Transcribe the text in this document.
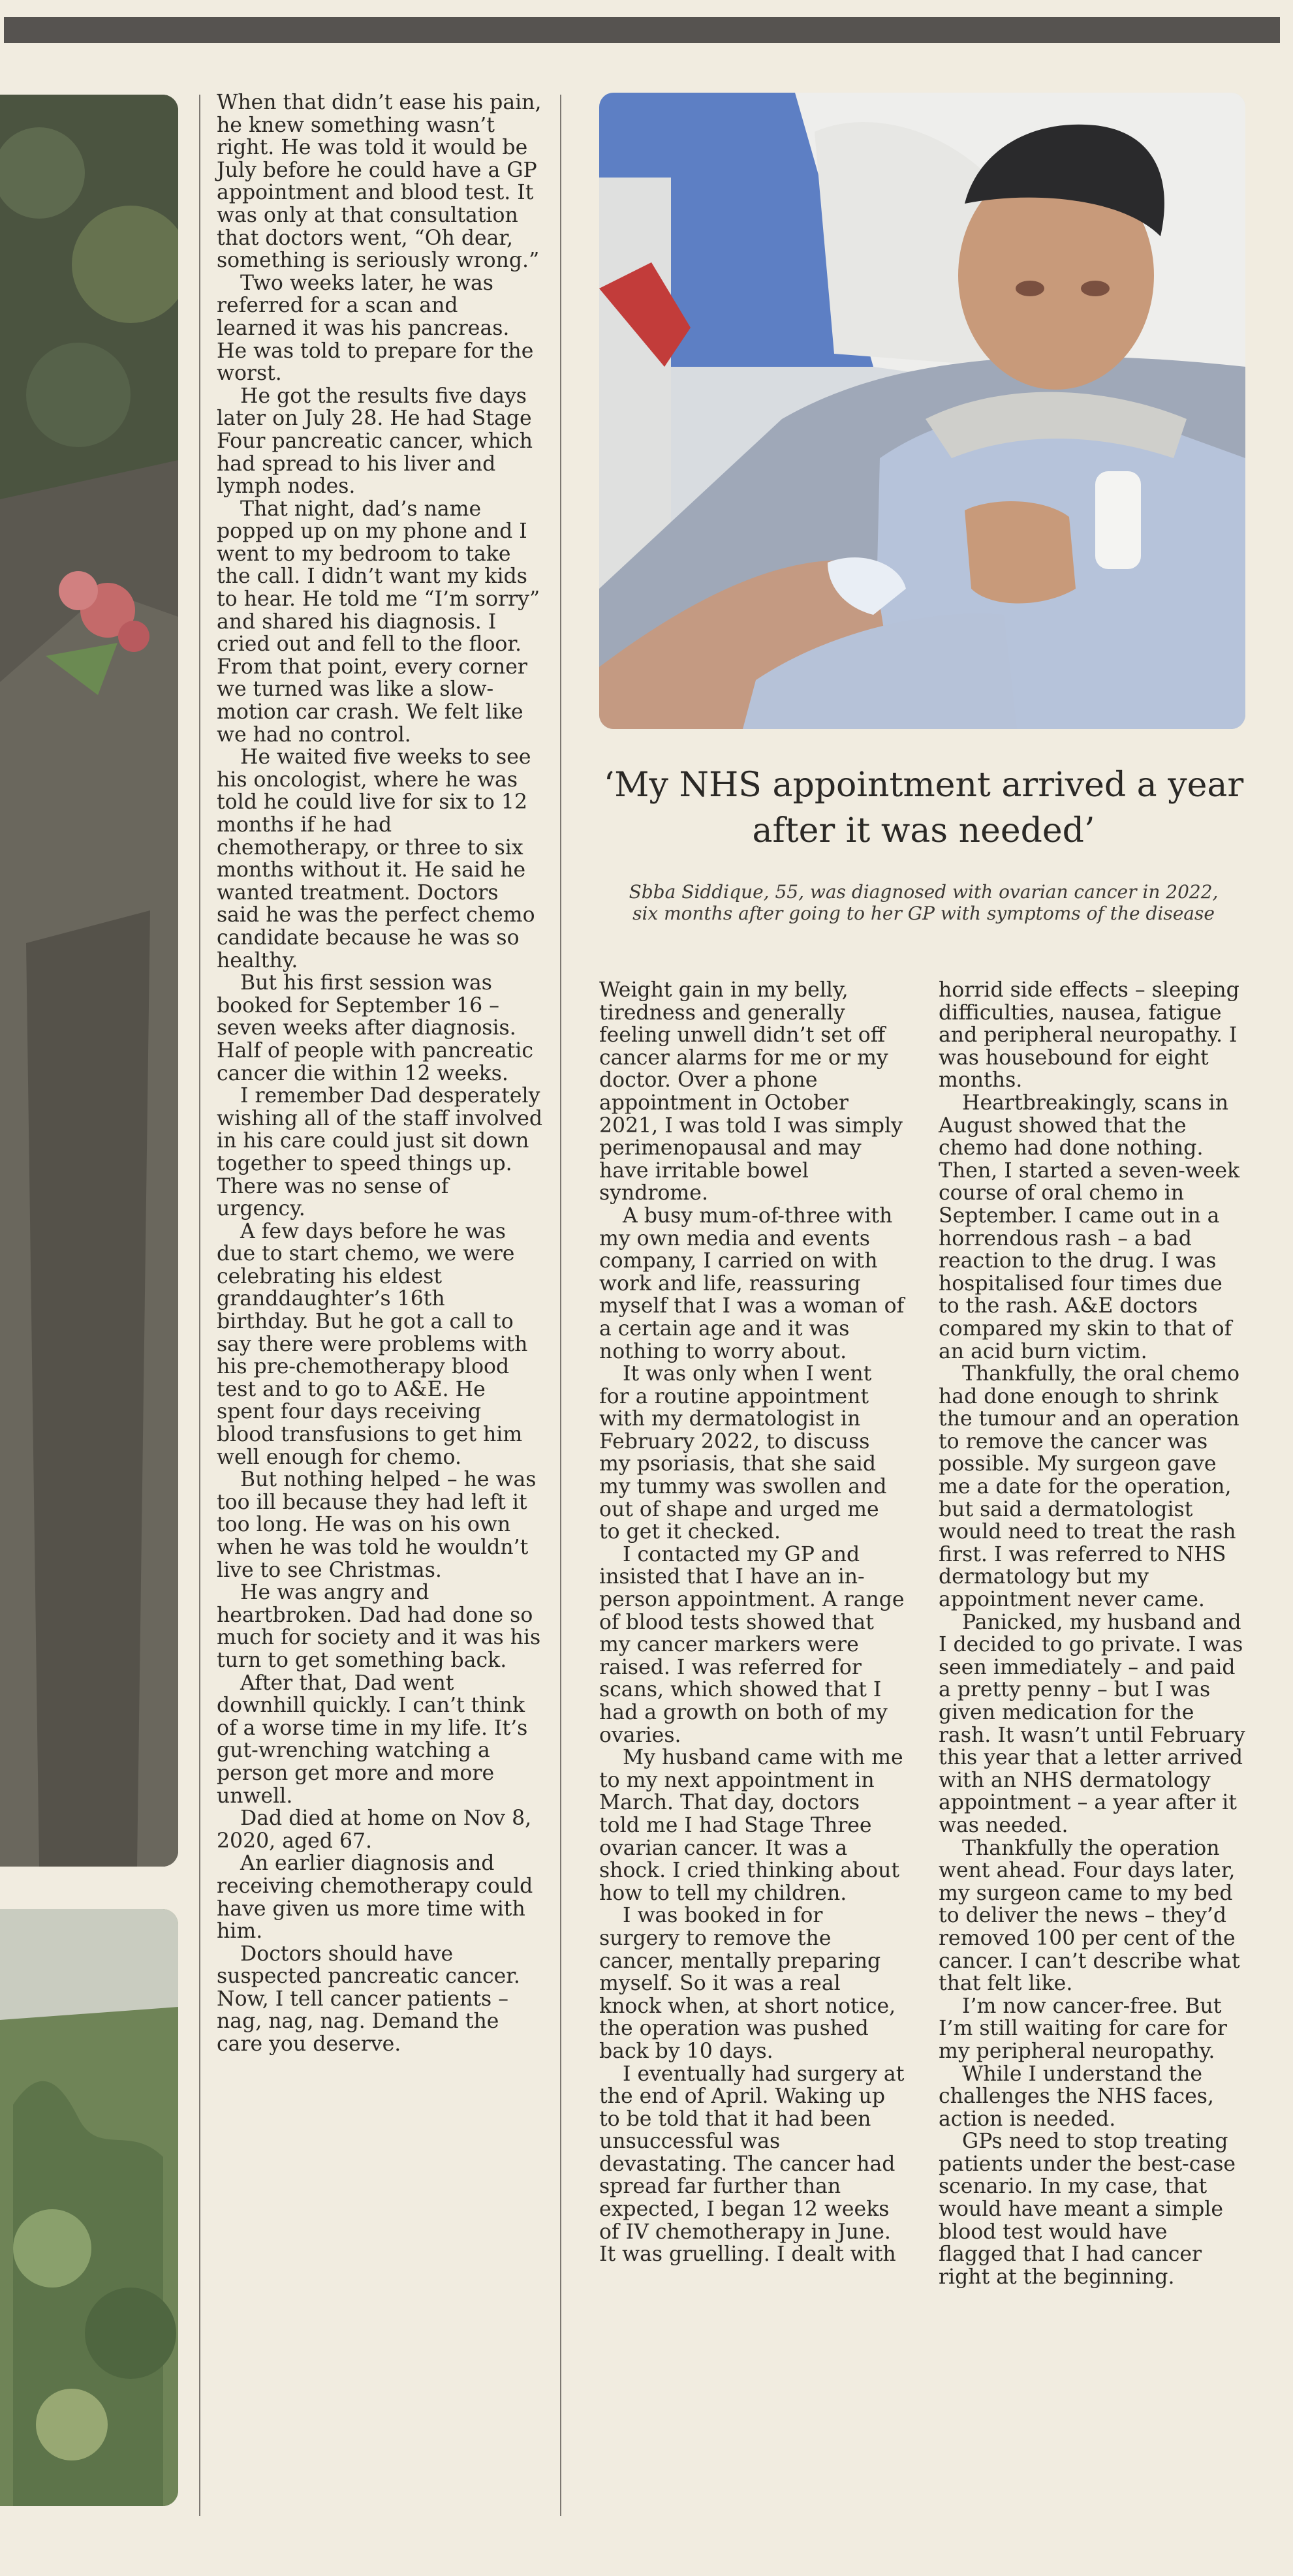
When that didn’t ease his pain, he knew something wasn’t right. He was told it would be July before he could have a GP appointment and blood test. It was only at that consultation that doctors went, “Oh dear, something is seriously wrong.”

Two weeks later, he was referred for a scan and learned it was his pancreas. He was told to prepare for the worst.

He got the results five days later on July 28. He had Stage Four pancreatic cancer, which had spread to his liver and lymph nodes.

That night, dad’s name popped up on my phone and I went to my bedroom to take the call. I didn’t want my kids to hear. He told me “I’m sorry” and shared his diagnosis. I cried out and fell to the floor. From that point, every corner we turned was like a slow-motion car crash. We felt like we had no control.

He waited five weeks to see his oncologist, where he was told he could live for six to 12 months if he had chemotherapy, or three to six months without it. He said he wanted treatment. Doctors said he was the perfect chemo candidate because he was so healthy.

But his first session was booked for September 16 – seven weeks after diagnosis. Half of people with pancreatic cancer die within 12 weeks.

I remember Dad desperately wishing all of the staff involved in his care could just sit down together to speed things up. There was no sense of urgency.

A few days before he was due to start chemo, we were celebrating his eldest granddaughter’s 16th birthday. But he got a call to say there were problems with his pre-chemotherapy blood test and to go to A&E. He spent four days receiving blood transfusions to get him well enough for chemo.

But nothing helped – he was too ill because they had left it too long. He was on his own when he was told he wouldn’t live to see Christmas.

He was angry and heartbroken. Dad had done so much for society and it was his turn to get something back.

After that, Dad went downhill quickly. I can’t think of a worse time in my life. It’s gut-wrenching watching a person get more and more unwell.

Dad died at home on Nov 8, 2020, aged 67.

An earlier diagnosis and receiving chemotherapy could have given us more time with him.

Doctors should have suspected pancreatic cancer. Now, I tell cancer patients – nag, nag, nag. Demand the care you deserve.

‘My NHS appointment arrived a year after it was needed’

Sbba Siddique, 55, was diagnosed with ovarian cancer in 2022, six months after going to her GP with symptoms of the disease

Weight gain in my belly, tiredness and generally feeling unwell didn’t set off cancer alarms for me or my doctor. Over a phone appointment in October 2021, I was told I was simply perimenopausal and may have irritable bowel syndrome.

A busy mum-of-three with my own media and events company, I carried on with work and life, reassuring myself that I was a woman of a certain age and it was nothing to worry about.

It was only when I went for a routine appointment with my dermatologist in February 2022, to discuss my psoriasis, that she said my tummy was swollen and out of shape and urged me to get it checked.

I contacted my GP and insisted that I have an in-person appointment. A range of blood tests showed that my cancer markers were raised. I was referred for scans, which showed that I had a growth on both of my ovaries.

My husband came with me to my next appointment in March. That day, doctors told me I had Stage Three ovarian cancer. It was a shock. I cried thinking about how to tell my children.

I was booked in for surgery to remove the cancer, mentally preparing myself. So it was a real knock when, at short notice, the operation was pushed back by 10 days.

I eventually had surgery at the end of April. Waking up to be told that it had been unsuccessful was devastating. The cancer had spread far further than expected, I began 12 weeks of IV chemotherapy in June. It was gruelling. I dealt with

horrid side effects – sleeping difficulties, nausea, fatigue and peripheral neuropathy. I was housebound for eight months.

Heartbreakingly, scans in August showed that the chemo had done nothing. Then, I started a seven-week course of oral chemo in September. I came out in a horrendous rash – a bad reaction to the drug. I was hospitalised four times due to the rash. A&E doctors compared my skin to that of an acid burn victim.

Thankfully, the oral chemo had done enough to shrink the tumour and an operation to remove the cancer was possible. My surgeon gave me a date for the operation, but said a dermatologist would need to treat the rash first. I was referred to NHS dermatology but my appointment never came.

Panicked, my husband and I decided to go private. I was seen immediately – and paid a pretty penny – but I was given medication for the rash. It wasn’t until February this year that a letter arrived with an NHS dermatology appointment – a year after it was needed.

Thankfully the operation went ahead. Four days later, my surgeon came to my bed to deliver the news – they’d removed 100 per cent of the cancer. I can’t describe what that felt like.

I’m now cancer-free. But I’m still waiting for care for my peripheral neuropathy.

While I understand the challenges the NHS faces, action is needed.

GPs need to stop treating patients under the best-case scenario. In my case, that would have meant a simple blood test would have flagged that I had cancer right at the beginning.
